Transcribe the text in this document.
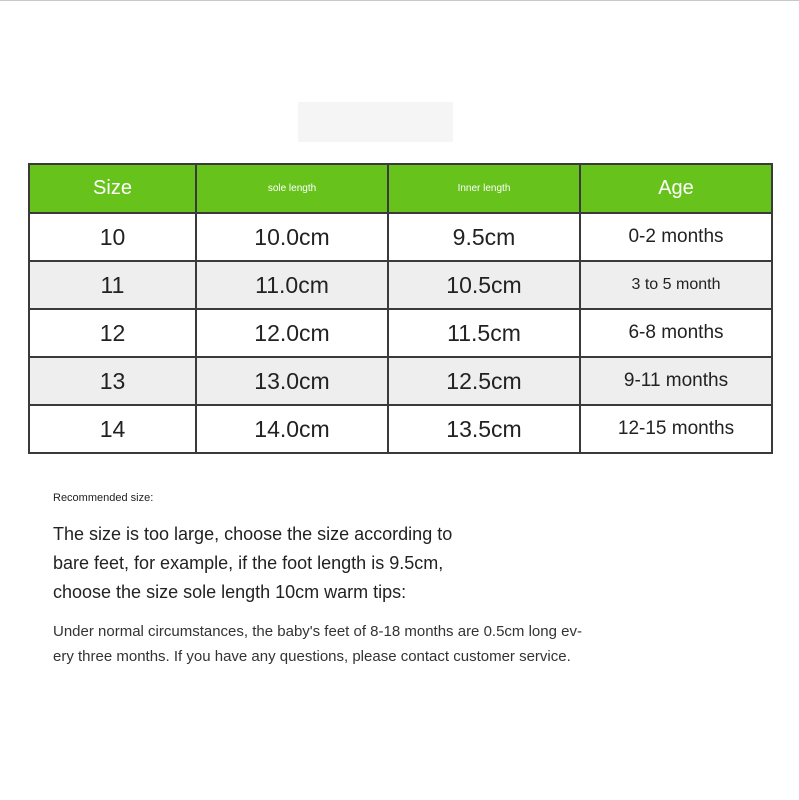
Size	sole length	Inner length	Age
10	10.0cm	9.5cm	0-2 months
11	11.0cm	10.5cm	3 to 5 month
12	12.0cm	11.5cm	6-8 months
13	13.0cm	12.5cm	9-11 months
14	14.0cm	13.5cm	12-15 months
Recommended size:

The size is too large, choose the size according to

bare feet, for example, if the foot length is 9.5cm,

choose the size sole length 10cm warm tips:

Under normal circumstances, the baby's feet of 8-18 months are 0.5cm long ev-

ery three months. If you have any questions, please contact customer service.
